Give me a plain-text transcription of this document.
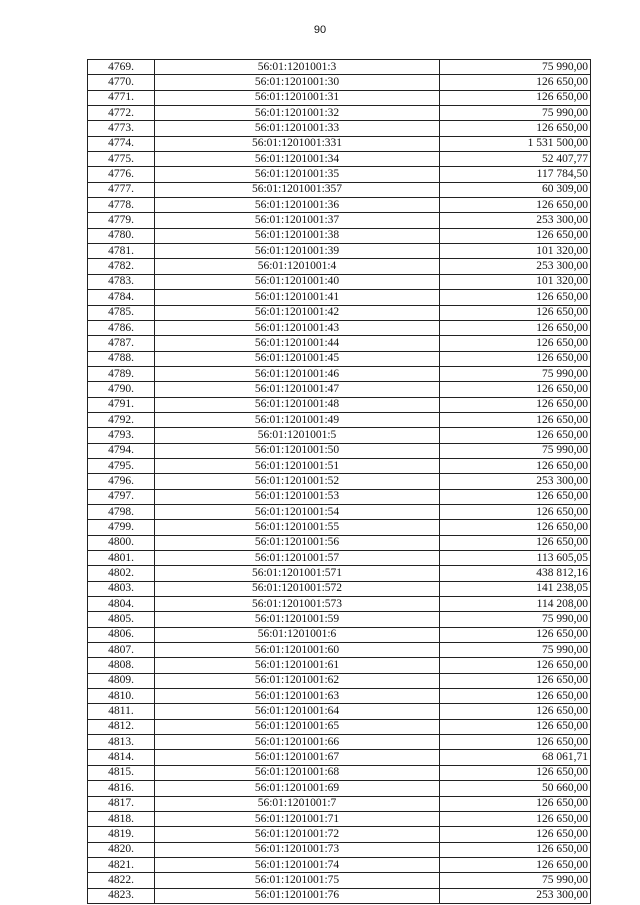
90
4769.	56:01:1201001:3	75 990,00
4770.	56:01:1201001:30	126 650,00
4771.	56:01:1201001:31	126 650,00
4772.	56:01:1201001:32	75 990,00
4773.	56:01:1201001:33	126 650,00
4774.	56:01:1201001:331	1 531 500,00
4775.	56:01:1201001:34	52 407,77
4776.	56:01:1201001:35	117 784,50
4777.	56:01:1201001:357	60 309,00
4778.	56:01:1201001:36	126 650,00
4779.	56:01:1201001:37	253 300,00
4780.	56:01:1201001:38	126 650,00
4781.	56:01:1201001:39	101 320,00
4782.	56:01:1201001:4	253 300,00
4783.	56:01:1201001:40	101 320,00
4784.	56:01:1201001:41	126 650,00
4785.	56:01:1201001:42	126 650,00
4786.	56:01:1201001:43	126 650,00
4787.	56:01:1201001:44	126 650,00
4788.	56:01:1201001:45	126 650,00
4789.	56:01:1201001:46	75 990,00
4790.	56:01:1201001:47	126 650,00
4791.	56:01:1201001:48	126 650,00
4792.	56:01:1201001:49	126 650,00
4793.	56:01:1201001:5	126 650,00
4794.	56:01:1201001:50	75 990,00
4795.	56:01:1201001:51	126 650,00
4796.	56:01:1201001:52	253 300,00
4797.	56:01:1201001:53	126 650,00
4798.	56:01:1201001:54	126 650,00
4799.	56:01:1201001:55	126 650,00
4800.	56:01:1201001:56	126 650,00
4801.	56:01:1201001:57	113 605,05
4802.	56:01:1201001:571	438 812,16
4803.	56:01:1201001:572	141 238,05
4804.	56:01:1201001:573	114 208,00
4805.	56:01:1201001:59	75 990,00
4806.	56:01:1201001:6	126 650,00
4807.	56:01:1201001:60	75 990,00
4808.	56:01:1201001:61	126 650,00
4809.	56:01:1201001:62	126 650,00
4810.	56:01:1201001:63	126 650,00
4811.	56:01:1201001:64	126 650,00
4812.	56:01:1201001:65	126 650,00
4813.	56:01:1201001:66	126 650,00
4814.	56:01:1201001:67	68 061,71
4815.	56:01:1201001:68	126 650,00
4816.	56:01:1201001:69	50 660,00
4817.	56:01:1201001:7	126 650,00
4818.	56:01:1201001:71	126 650,00
4819.	56:01:1201001:72	126 650,00
4820.	56:01:1201001:73	126 650,00
4821.	56:01:1201001:74	126 650,00
4822.	56:01:1201001:75	75 990,00
4823.	56:01:1201001:76	253 300,00
